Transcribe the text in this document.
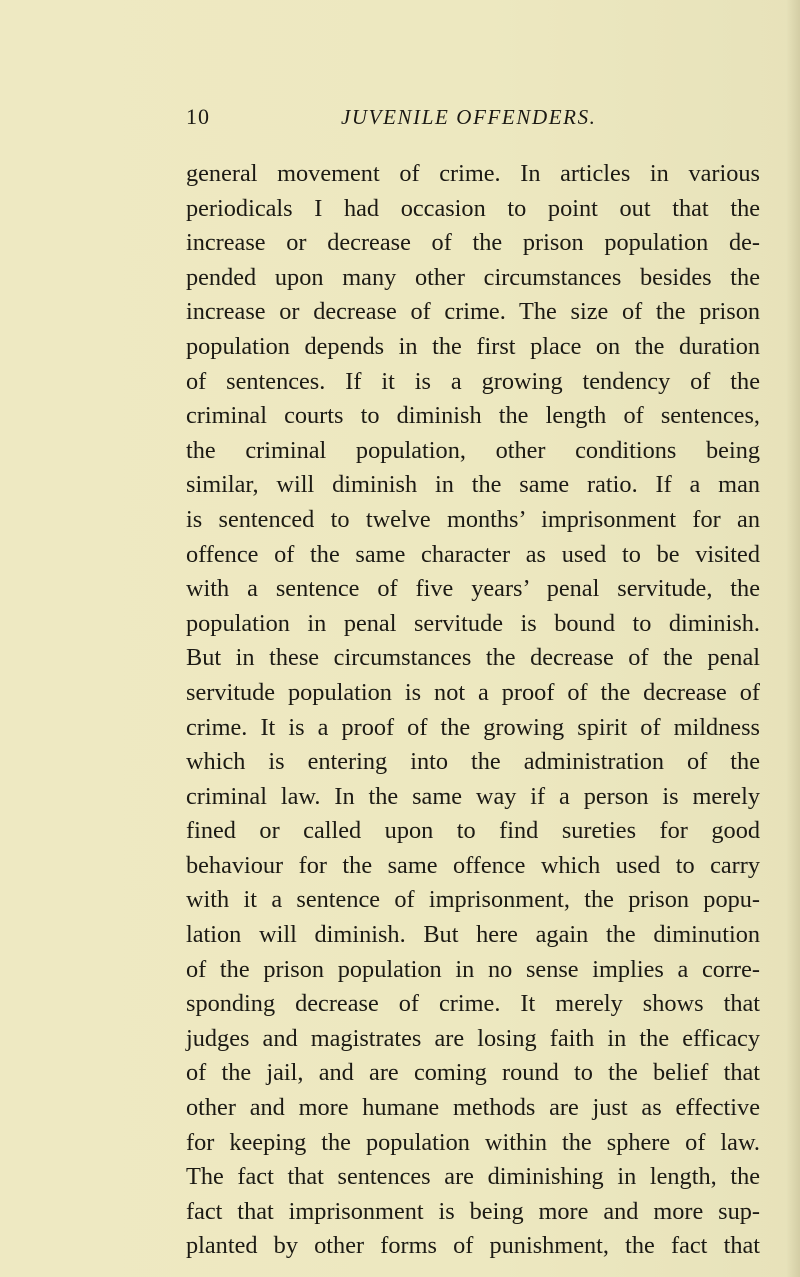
10	JUVENILE OFFENDERS.
general movement of crime. In articles in various
periodicals I had occasion to point out that the
increase or decrease of the prison population de-
pended upon many other circumstances besides the
increase or decrease of crime. The size of the prison
population depends in the first place on the duration
of sentences. If it is a growing tendency of the
criminal courts to diminish the length of sentences,
the criminal population, other conditions being
similar, will diminish in the same ratio. If a man
is sentenced to twelve months’ imprisonment for an
offence of the same character as used to be visited
with a sentence of five years’ penal servitude, the
population in penal servitude is bound to diminish.
But in these circumstances the decrease of the penal
servitude population is not a proof of the decrease of
crime. It is a proof of the growing spirit of mildness
which is entering into the administration of the
criminal law. In the same way if a person is merely
fined or called upon to find sureties for good
behaviour for the same offence which used to carry
with it a sentence of imprisonment, the prison popu-
lation will diminish. But here again the diminution
of the prison population in no sense implies a corre-
sponding decrease of crime. It merely shows that
judges and magistrates are losing faith in the efficacy
of the jail, and are coming round to the belief that
other and more humane methods are just as effective
for keeping the population within the sphere of law.
The fact that sentences are diminishing in length, the
fact that imprisonment is being more and more sup-
planted by other forms of punishment, the fact that
